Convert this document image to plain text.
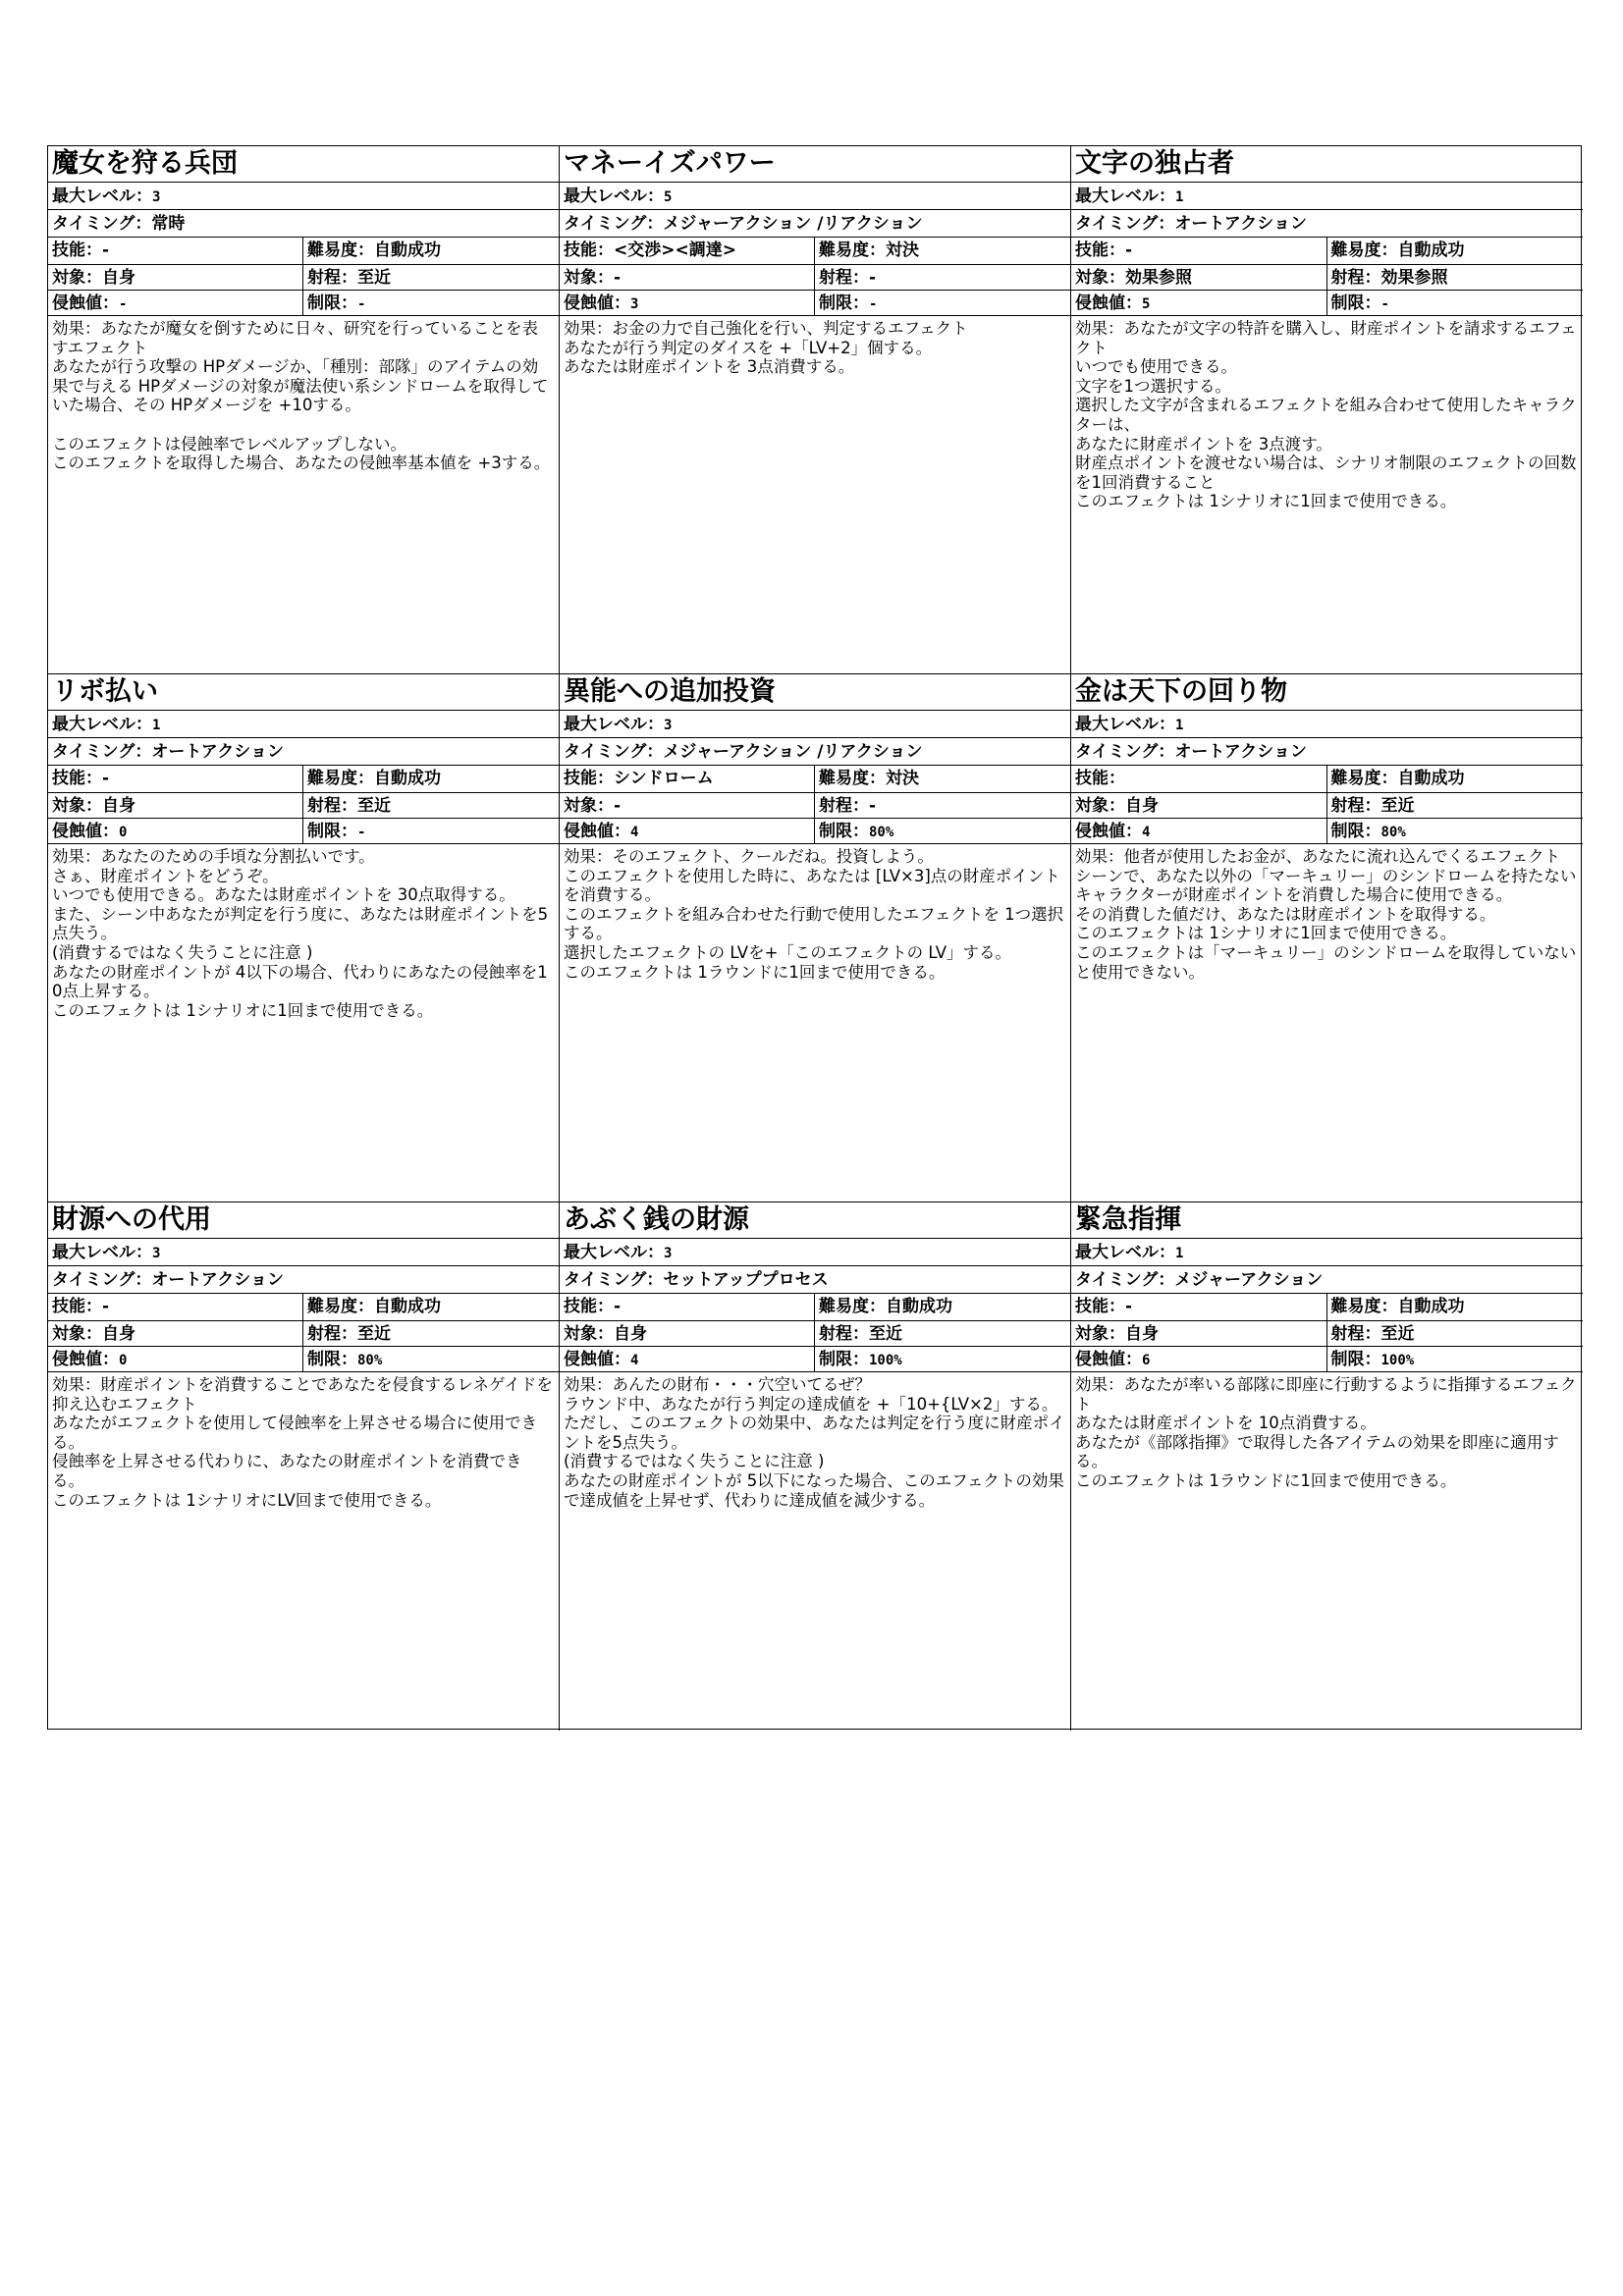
魔女を狩る兵団
最大レベル：3
タイミング：常時
技能：-	難易度：自動成功
対象：自身	射程：至近
侵蝕値：-	制限：-
効果：あなたが魔女を倒すために日々、研究を行っていることを表すエフェクト
あなたが行う攻撃の HPダメージか、「種別：部隊」のアイテムの効果で与える HPダメージの対象が魔法使い系シンドロームを取得していた場合、その HPダメージを +10する。

このエフェクトは侵蝕率でレベルアップしない。
このエフェクトを取得した場合、あなたの侵蝕率基本値を +3する。
マネーイズパワー
最大レベル：5
タイミング：メジャーアクション /リアクション
技能：<交渉><調達>	難易度：対決
対象：-	射程：-
侵蝕値：3	制限：-
効果：お金の力で自己強化を行い、判定するエフェクト
あなたが行う判定のダイスを +「LV+2」個する。
あなたは財産ポイントを 3点消費する。
文字の独占者
最大レベル：1
タイミング：オートアクション
技能：-	難易度：自動成功
対象：効果参照	射程：効果参照
侵蝕値：5	制限：-
効果：あなたが文字の特許を購入し、財産ポイントを請求するエフェクト
いつでも使用できる。
文字を1つ選択する。
選択した文字が含まれるエフェクトを組み合わせて使用したキャラクターは、
あなたに財産ポイントを 3点渡す。
財産点ポイントを渡せない場合は、シナリオ制限のエフェクトの回数を1回消費すること
このエフェクトは 1シナリオに1回まで使用できる。
リボ払い
最大レベル：1
タイミング：オートアクション
技能：-	難易度：自動成功
対象：自身	射程：至近
侵蝕値：0	制限：-
効果：あなたのための手頃な分割払いです。
さぁ、財産ポイントをどうぞ。
いつでも使用できる。あなたは財産ポイントを 30点取得する。
また、シーン中あなたが判定を行う度に、あなたは財産ポイントを5点失う。
(消費するではなく失うことに注意 )
あなたの財産ポイントが 4以下の場合、代わりにあなたの侵蝕率を10点上昇する。
このエフェクトは 1シナリオに1回まで使用できる。
異能への追加投資
最大レベル：3
タイミング：メジャーアクション /リアクション
技能：シンドローム	難易度：対決
対象：-	射程：-
侵蝕値：4	制限：80%
効果：そのエフェクト、クールだね。投資しよう。
このエフェクトを使用した時に、あなたは [LV×3]点の財産ポイントを消費する。
このエフェクトを組み合わせた行動で使用したエフェクトを 1つ選択する。
選択したエフェクトの LVを+「このエフェクトの LV」する。
このエフェクトは 1ラウンドに1回まで使用できる。
金は天下の回り物
最大レベル：1
タイミング：オートアクション
技能：	難易度：自動成功
対象：自身	射程：至近
侵蝕値：4	制限：80%
効果：他者が使用したお金が、あなたに流れ込んでくるエフェクト
シーンで、あなた以外の「マーキュリー」のシンドロームを持たないキャラクターが財産ポイントを消費した場合に使用できる。
その消費した値だけ、あなたは財産ポイントを取得する。
このエフェクトは 1シナリオに1回まで使用できる。
このエフェクトは「マーキュリー」のシンドロームを取得していないと使用できない。
財源への代用
最大レベル：3
タイミング：オートアクション
技能：-	難易度：自動成功
対象：自身	射程：至近
侵蝕値：0	制限：80%
効果：財産ポイントを消費することであなたを侵食するレネゲイドを抑え込むエフェクト
あなたがエフェクトを使用して侵蝕率を上昇させる場合に使用できる。
侵蝕率を上昇させる代わりに、あなたの財産ポイントを消費できる。
このエフェクトは 1シナリオにLV回まで使用できる。
あぶく銭の財源
最大レベル：3
タイミング：セットアッププロセス
技能：-	難易度：自動成功
対象：自身	射程：至近
侵蝕値：4	制限：100%
効果：あんたの財布・・・穴空いてるぜ？
ラウンド中、あなたが行う判定の達成値を +「10+{LV×2」する。
ただし、このエフェクトの効果中、あなたは判定を行う度に財産ポイントを5点失う。
(消費するではなく失うことに注意 )
あなたの財産ポイントが 5以下になった場合、このエフェクトの効果で達成値を上昇せず、代わりに達成値を減少する。
緊急指揮
最大レベル：1
タイミング：メジャーアクション
技能：-	難易度：自動成功
対象：自身	射程：至近
侵蝕値：6	制限：100%
効果：あなたが率いる部隊に即座に行動するように指揮するエフェクト
あなたは財産ポイントを 10点消費する。
あなたが《部隊指揮》で取得した各アイテムの効果を即座に適用する。
このエフェクトは 1ラウンドに1回まで使用できる。
